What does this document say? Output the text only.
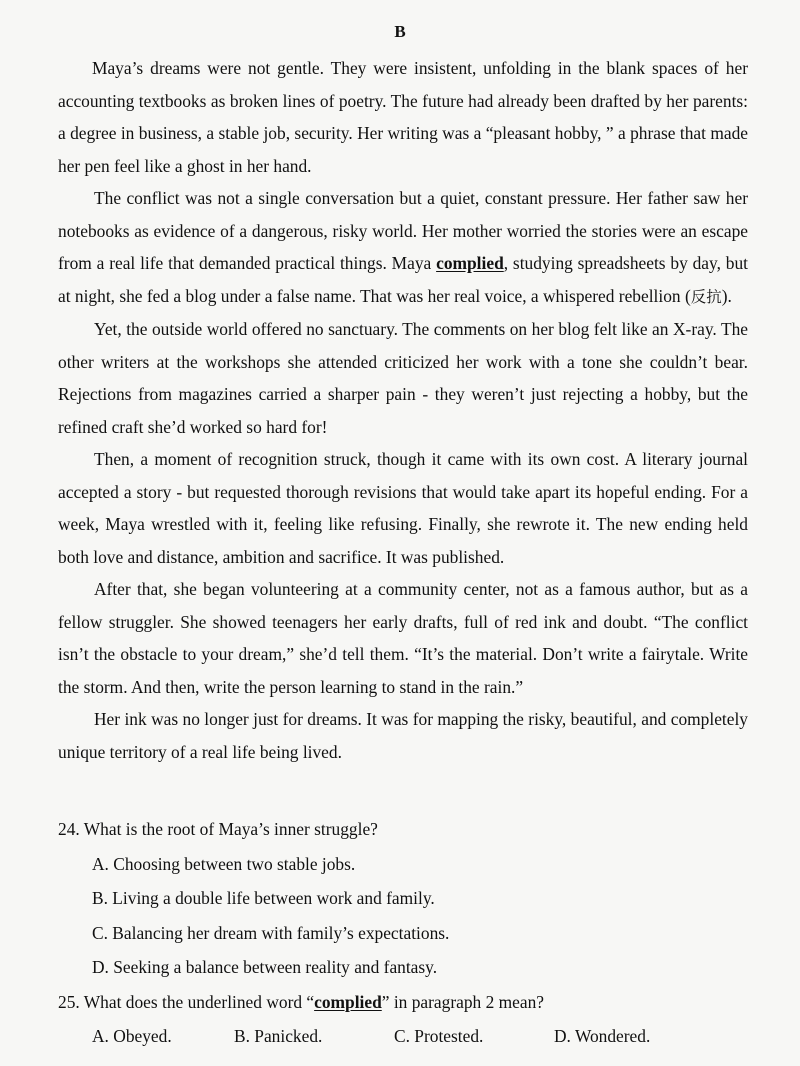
B

Maya’s dreams were not gentle. They were insistent, unfolding in the blank spaces of her accounting textbooks as broken lines of poetry. The future had already been drafted by her parents: a degree in business, a stable job, security. Her writing was a “pleasant hobby, ” a phrase that made her pen feel like a ghost in her hand.

The conflict was not a single conversation but a quiet, constant pressure. Her father saw her notebooks as evidence of a dangerous, risky world. Her mother worried the stories were an escape from a real life that demanded practical things. Maya complied, studying spreadsheets by day, but at night, she fed a blog under a false name. That was her real voice, a whispered rebellion (反抗).

Yet, the outside world offered no sanctuary. The comments on her blog felt like an X-ray. The other writers at the workshops she attended criticized her work with a tone she couldn’t bear. Rejections from magazines carried a sharper pain - they weren’t just rejecting a hobby, but the refined craft she’d worked so hard for!

Then, a moment of recognition struck, though it came with its own cost. A literary journal accepted a story - but requested thorough revisions that would take apart its hopeful ending. For a week, Maya wrestled with it, feeling like refusing. Finally, she rewrote it. The new ending held both love and distance, ambition and sacrifice. It was published.

After that, she began volunteering at a community center, not as a famous author, but as a fellow struggler. She showed teenagers her early drafts, full of red ink and doubt. “The conflict isn’t the obstacle to your dream,” she’d tell them. “It’s the material. Don’t write a fairytale. Write the storm. And then, write the person learning to stand in the rain.”

Her ink was no longer just for dreams. It was for mapping the risky, beautiful, and completely unique territory of a real life being lived.

24. What is the root of Maya’s inner struggle?

A. Choosing between two stable jobs.

B. Living a double life between work and family.

C. Balancing her dream with family’s expectations.

D. Seeking a balance between reality and fantasy.

25. What does the underlined word “complied” in paragraph 2 mean?

A. Obeyed.	B. Panicked.	C. Protested.	D. Wondered.
